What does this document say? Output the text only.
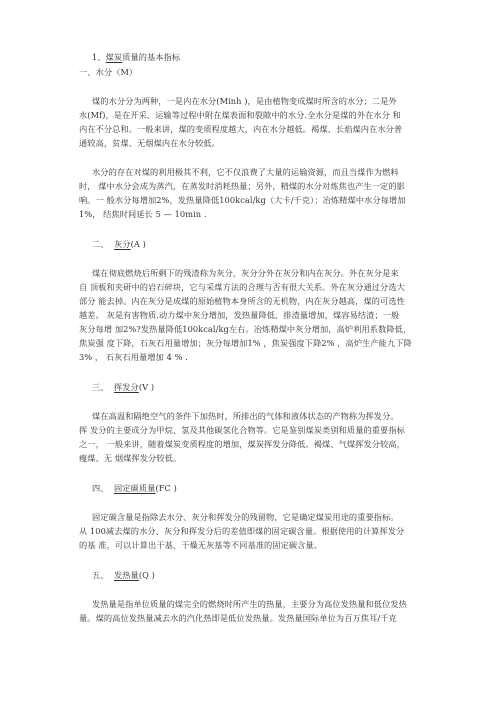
1、煤炭质量的基本指标
一、水分（M）
煤的水分分为两种，一是内在水分(Minh )，是由植物变成煤时所含的水分；二是外
水(Mf)，是在开采、运输等过程中附在煤表面和裂隙中的水分.全水分是煤的外在水分 和
内在不分总和。一般来讲，煤的变质程度越大，内在水分越低。褐煤、长焰煤内在水分普
通较高，贫煤、无烟煤内在水分较低。
水分的存在对煤的利用极其不利，它不仅浪费了大量的运输资源，而且当煤作为燃料
时， 煤中水分会成为蒸汽，在蒸发时消耗热量；另外，精煤的水分对炼焦也产生一定的影
响。一 般水分每增加2%，发热量降低100kcal/kg（大卡/千克）；冶炼精煤中水分每增加
1%， 结焦时间延长 5 — 10min .
二、 灰分(A )
煤在彻底燃烧后所剩下的残渣称为灰分，灰分分外在灰分和内在灰分。外在灰分是来
自 顶板和夹研中的岩石碎块，它与采煤方法的合理与否有很大关系。外在灰分通过分选大
部分 能去掉。内在灰分是成煤的原始植物本身所含的无机物，内在灰分越高，煤的可选性
越差。 灰是有害物质.动力煤中灰分增加，发热量降低、排渣量增加，煤容易结渣；一般
灰分每增 加2%?发热量降低100kcal/kg左右。冶炼精煤中灰分增加，高炉利用系数降低，
焦炭强 度下降，石灰石用量增加；灰分每增加1% ，焦炭强度下降2% ，高炉生产能九下降
3% ， 石灰石用量增加 4 % .
三、 挥发分(V )
煤在高温和隔绝空气的条件下加热时，所排出的气体和液体状态的产物称为挥发分。
挥 发分的主要成分为甲烷、氢及其他碳氢化合物等。它是鉴别煤炭类别和质量的重要指标
之一， 一般来讲，随着煤炭变质程度的增加，煤炭挥发分降低。褐煤、气煤挥发分较高，
瘦煤、无 烟煤挥发分较低。
四、 固定碳质量(FC )
固定碳含量是指除去水分、灰分和挥发分的残留物，它是确定煤炭用途的重要指标。
从 100减去煤的水分、灰分和挥发分后的差值即煤的固定碳含量。根据使用的计算挥发分
的基 准，可以计算出干基、干燥无灰基等不同基准的固定碳含量。
五、 发热量(Q )
发热量是指单位质量的煤完全的燃烧时所产生的热量，主要分为高位发热量和低位发热
量。煤的高位发热量减去水的汽化热即是低位发热量。发热量国际单位为百万焦耳/千克
